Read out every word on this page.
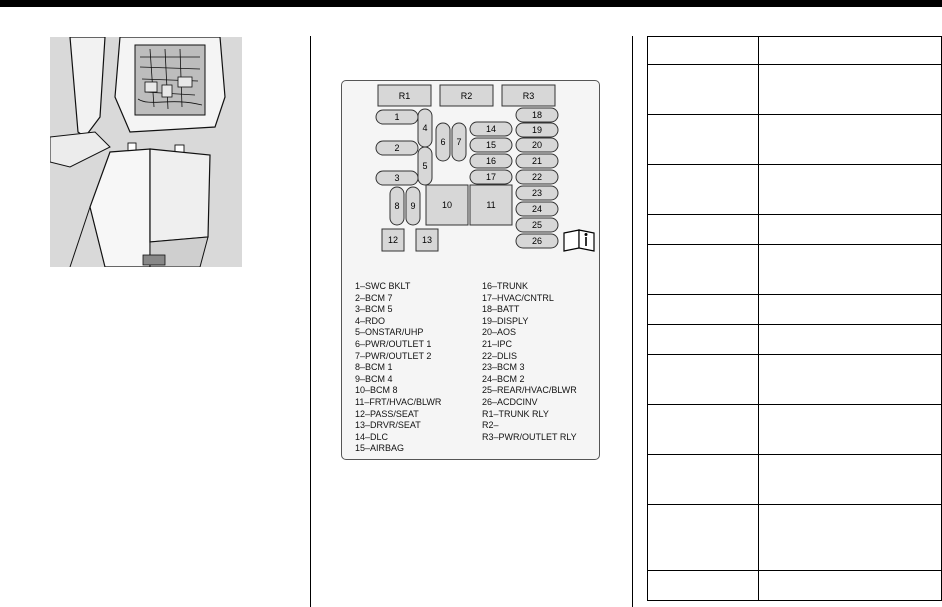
R1	R2	R3
1
2
3
4
5
6 7
8 9	10	11
12	13
14
15
16
17
18
19
20
21
22
23
24
25
26
1–SWC BKLT
2–BCM 7
3–BCM 5
4–RDO
5–ONSTAR/UHP
6–PWR/OUTLET 1
7–PWR/OUTLET 2
8–BCM 1
9–BCM 4
10–BCM 8
11–FRT/HVAC/BLWR
12–PASS/SEAT
13–DRVR/SEAT
14–DLC
15–AIRBAG
16–TRUNK
17–HVAC/CNTRL
18–BATT
19–DISPLY
20–AOS
21–IPC
22–DLIS
23–BCM 3
24–BCM 2
25–REAR/HVAC/BLWR
26–ACDCINV
R1–TRUNK RLY
R2–
R3–PWR/OUTLET RLY
